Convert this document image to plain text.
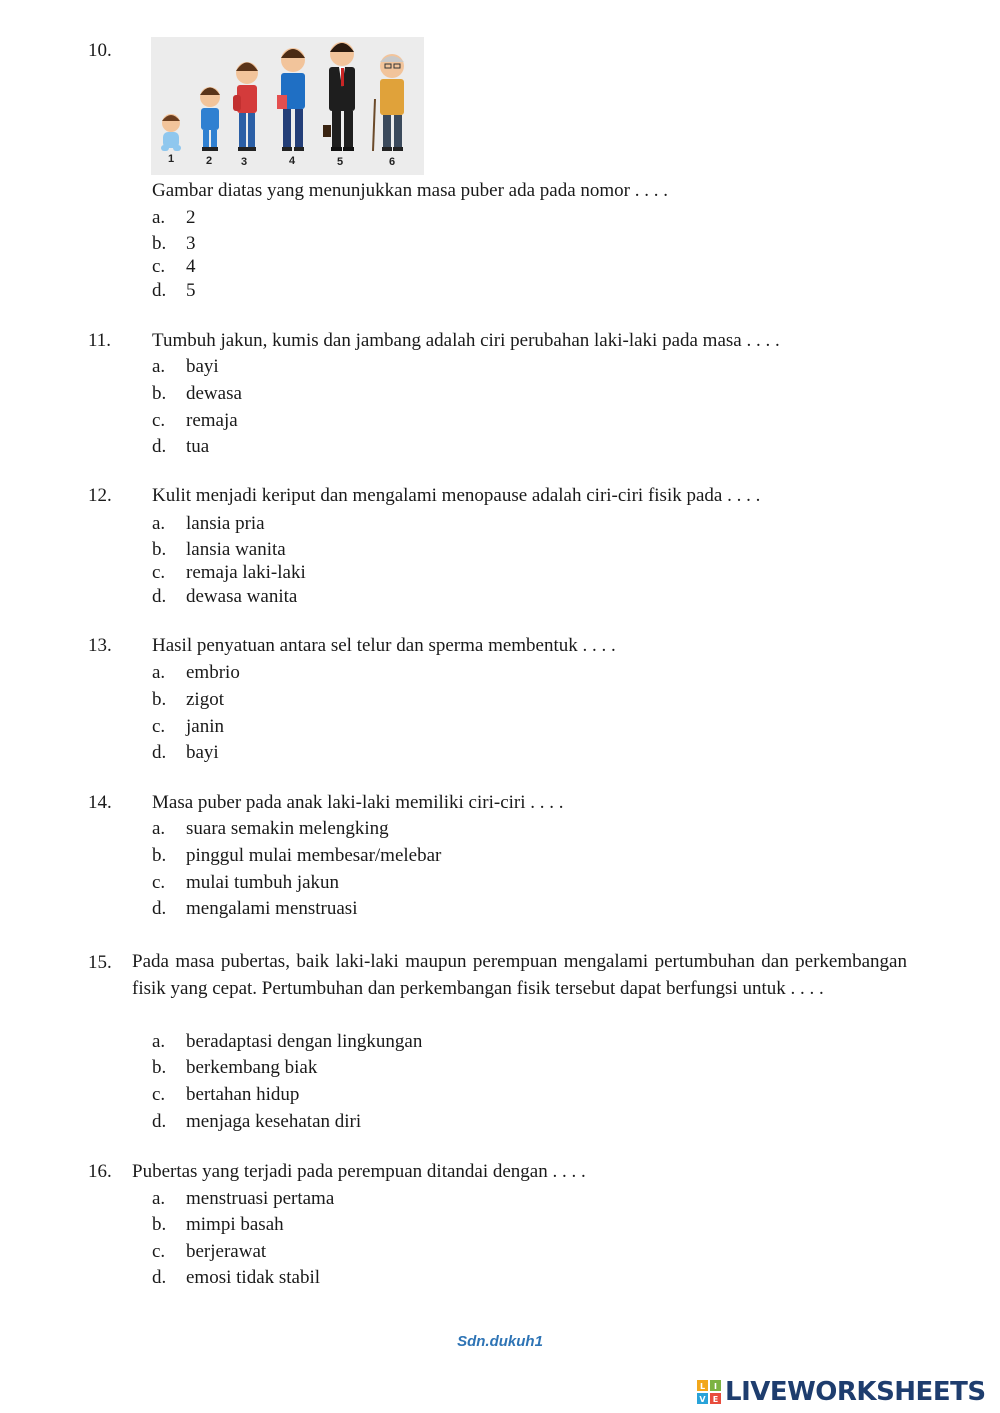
10.
1	2	3	4	5	6
Gambar diatas yang menunjukkan masa puber ada pada nomor . . . .
a. 2
b. 3
c. 4
d. 5
11. Tumbuh jakun, kumis dan jambang adalah ciri perubahan laki-laki pada masa . . . .
a. bayi
b. dewasa
c. remaja
d. tua
12. Kulit menjadi keriput dan mengalami menopause adalah ciri-ciri fisik pada . . . .
a. lansia pria
b. lansia wanita
c. remaja laki-laki
d. dewasa wanita
13. Hasil penyatuan antara sel telur dan sperma membentuk . . . .
a. embrio
b. zigot
c. janin
d. bayi
14. Masa puber pada anak laki-laki memiliki ciri-ciri . . . .
a. suara semakin melengking
b. pinggul mulai membesar/melebar
c. mulai tumbuh jakun
d. mengalami menstruasi
15. Pada masa pubertas, baik laki-laki maupun perempuan mengalami pertumbuhan dan perkembangan fisik yang cepat. Pertumbuhan dan perkembangan fisik tersebut dapat berfungsi untuk . . . .
a. beradaptasi dengan lingkungan
b. berkembang biak
c. bertahan hidup
d. menjaga kesehatan diri
16. Pubertas yang terjadi pada perempuan ditandai dengan . . . .
a. menstruasi pertama
b. mimpi basah
c. berjerawat
d. emosi tidak stabil
Sdn.dukuh1
L I
V E LIVEWORKSHEETS
